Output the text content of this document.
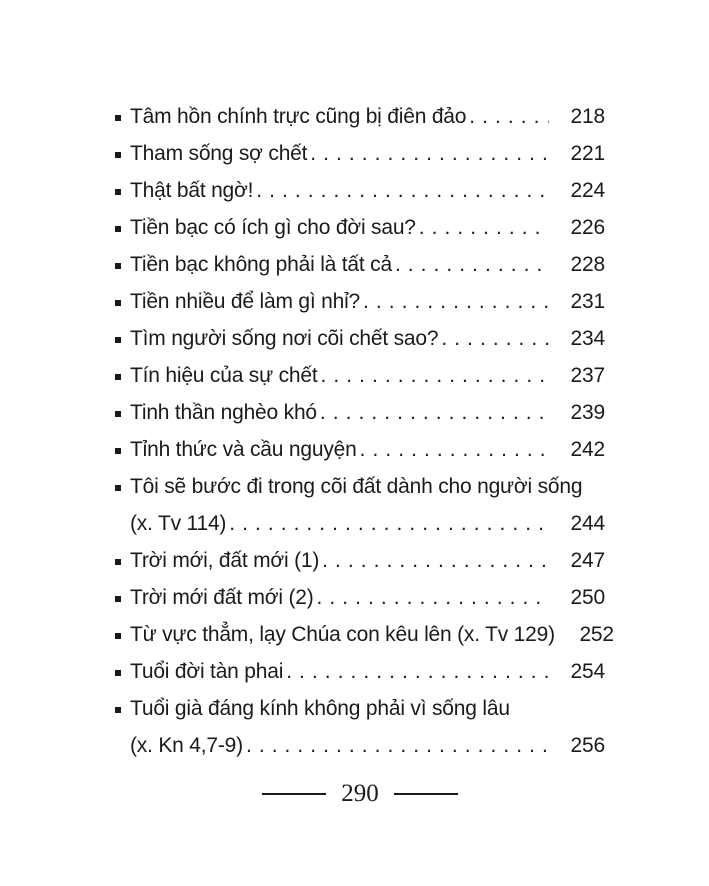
Tâm hồn chính trực cũng bị điên đảo . . .	218
Tham sống sợ chết . . .	221
Thật bất ngờ! . . .	224
Tiền bạc có ích gì cho đời sau? . . .	226
Tiền bạc không phải là tất cả . . .	228
Tiền nhiều để làm gì nhỉ? . . .	231
Tìm người sống nơi cõi chết sao? . . .	234
Tín hiệu của sự chết . . .	237
Tinh thần nghèo khó . . .	239
Tỉnh thức và cầu nguyện . . .	242
Tôi sẽ bước đi trong cõi đất dành cho người sống
(x. Tv 114) . . .	244
Trời mới, đất mới (1) . . .	247
Trời mới đất mới (2) . . .	250
Từ vực thẳm, lạy Chúa con kêu lên (x. Tv 129) 252
Tuổi đời tàn phai . . .	254
Tuổi già đáng kính không phải vì sống lâu
(x. Kn 4,7-9) . . .	256
290
